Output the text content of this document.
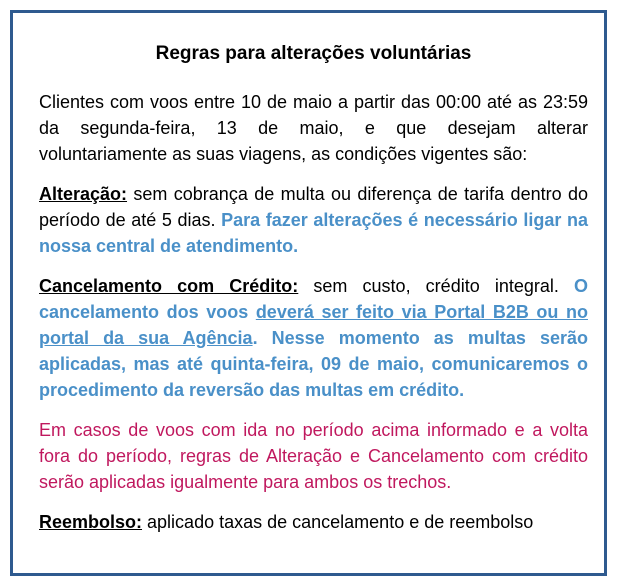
Regras para alterações voluntárias

Clientes com voos entre 10 de maio a partir das 00:00 até as 23:59 da segunda-feira, 13 de maio, e que desejam alterar voluntariamente as suas viagens, as condições vigentes são:

Alteração: sem cobrança de multa ou diferença de tarifa dentro do período de até 5 dias. Para fazer alterações é necessário ligar na nossa central de atendimento.

Cancelamento com Crédito: sem custo, crédito integral. O cancelamento dos voos deverá ser feito via Portal B2B ou no portal da sua Agência. Nesse momento as multas serão aplicadas, mas até quinta-feira, 09 de maio, comunicaremos o procedimento da reversão das multas em crédito.

Em casos de voos com ida no período acima informado e a volta fora do período, regras de Alteração e Cancelamento com crédito serão aplicadas igualmente para ambos os trechos.

Reembolso: aplicado taxas de cancelamento e de reembolso
